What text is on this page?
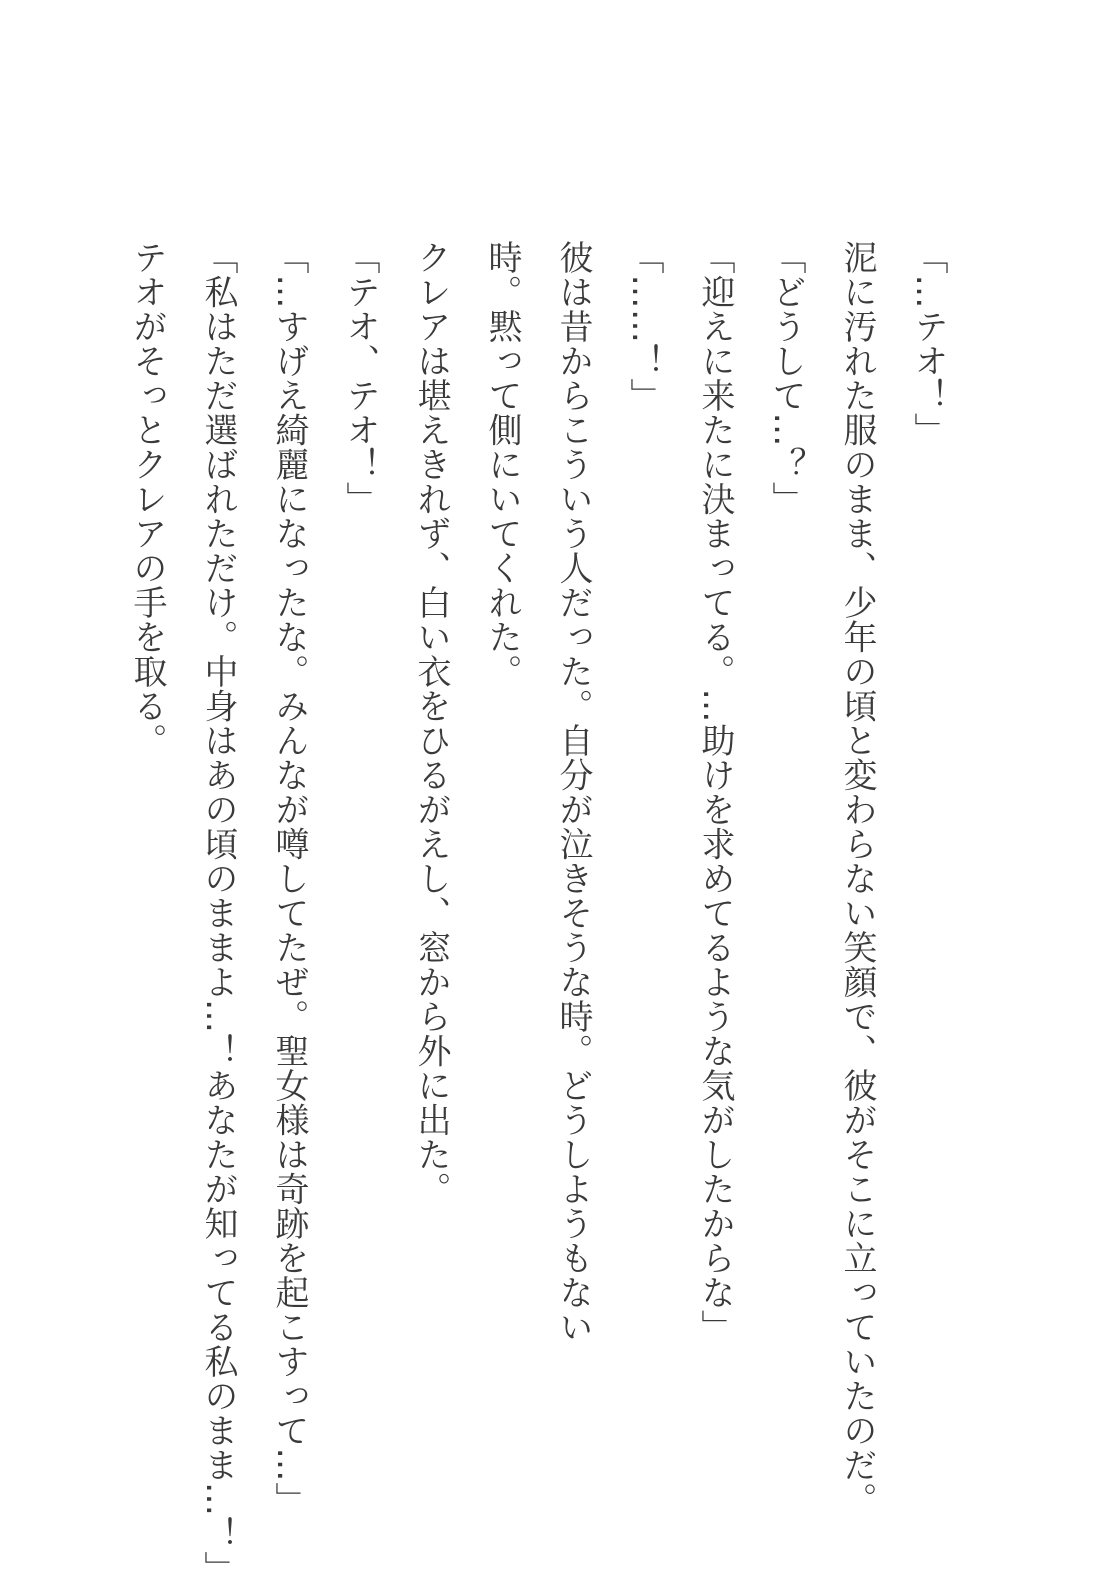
「…テオ！」
泥に汚れた服のまま、少年の頃と変わらない笑顔で、彼がそこに立っていたのだ。
「どうして…？」
「迎えに来たに決まってる。…助けを求めてるような気がしたからな」
「……！」
彼は昔からこういう人だった。自分が泣きそうな時。どうしようもない時。黙って側にいてくれた。
クレアは堪えきれず、白い衣をひるがえし、窓から外に出た。
「テオ、テオ！」
「…すげえ綺麗になったな。みんなが噂してたぜ。聖女様は奇跡を起こすって…」
「私はただ選ばれただけ。中身はあの頃のままよ…！あなたが知ってる私のまま…！」
テオがそっとクレアの手を取る。
